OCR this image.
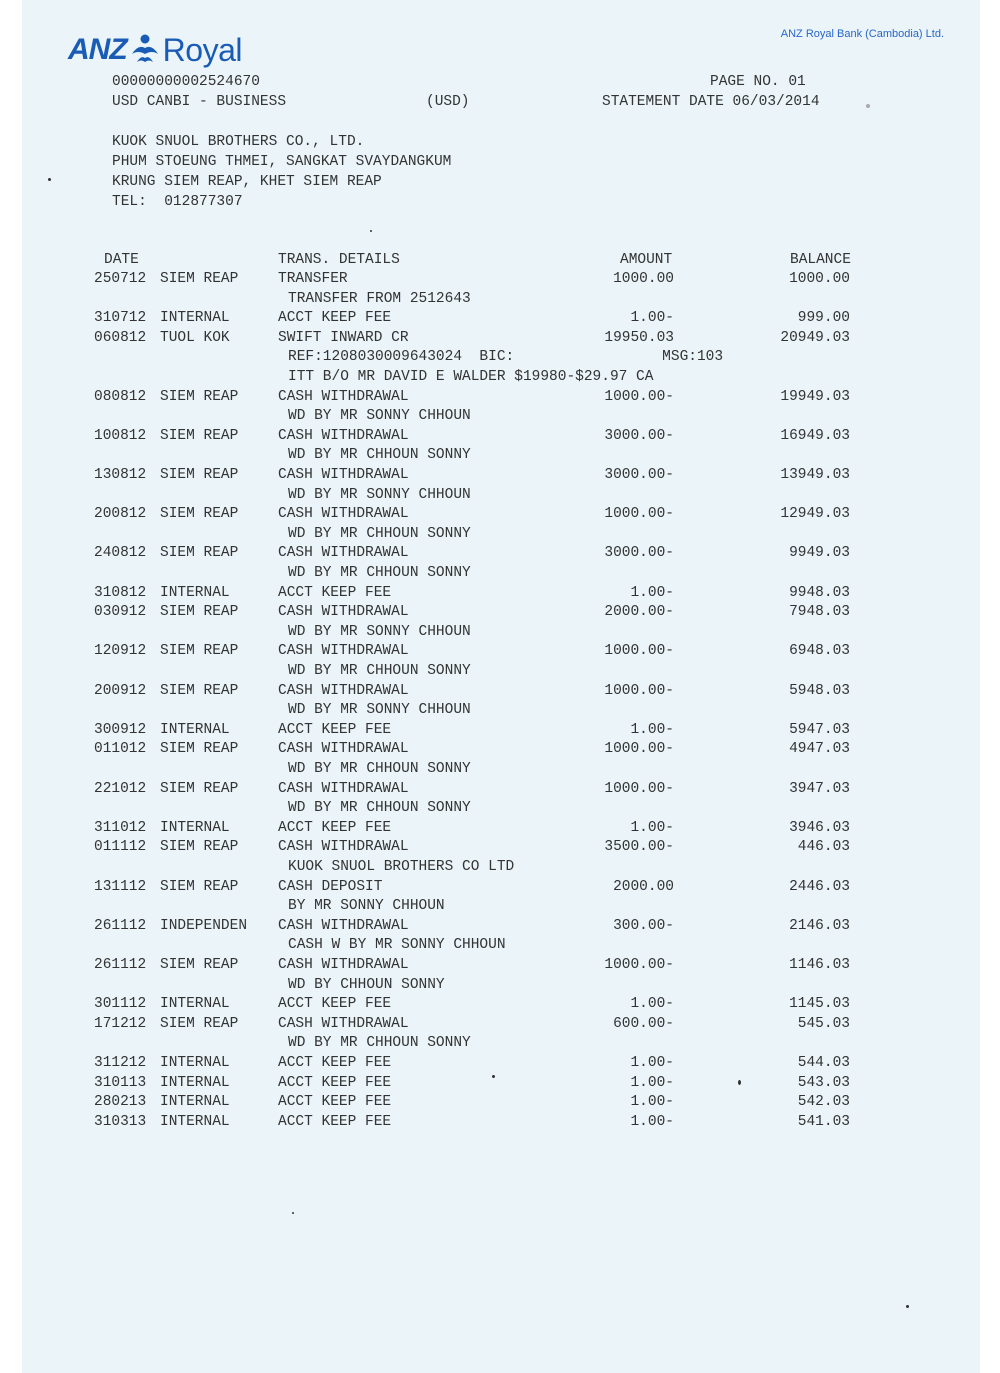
ANZ Royal	ANZ Royal Bank (Cambodia) Ltd.
00000000002524670
USD CANBI - BUSINESS	(USD)
PAGE NO. 01
STATEMENT DATE 06/03/2014
KUOK SNUOL BROTHERS CO., LTD.
PHUM STOEUNG THMEI, SANGKAT SVAYDANGKUM
KRUNG SIEM REAP, KHET SIEM REAP
TEL:  012877307
DATE	TRANS. DETAILS	AMOUNT	BALANCE
250712 SIEM REAP	TRANSFER	1000.00	1000.00
TRANSFER FROM 2512643
310712 INTERNAL	ACCT KEEP FEE	1.00-	999.00
060812 TUOL KOK	SWIFT INWARD CR	19950.03	20949.03
REF:1208030009643024  BIC:                 MSG:103
ITT B/O MR DAVID E WALDER $19980-$29.97 CA
080812 SIEM REAP	CASH WITHDRAWAL	1000.00-	19949.03
WD BY MR SONNY CHHOUN
100812 SIEM REAP	CASH WITHDRAWAL	3000.00-	16949.03
WD BY MR CHHOUN SONNY
130812 SIEM REAP	CASH WITHDRAWAL	3000.00-	13949.03
WD BY MR SONNY CHHOUN
200812 SIEM REAP	CASH WITHDRAWAL	1000.00-	12949.03
WD BY MR CHHOUN SONNY
240812 SIEM REAP	CASH WITHDRAWAL	3000.00-	9949.03
WD BY MR CHHOUN SONNY
310812 INTERNAL	ACCT KEEP FEE	1.00-	9948.03
030912 SIEM REAP	CASH WITHDRAWAL	2000.00-	7948.03
WD BY MR SONNY CHHOUN
120912 SIEM REAP	CASH WITHDRAWAL	1000.00-	6948.03
WD BY MR CHHOUN SONNY
200912 SIEM REAP	CASH WITHDRAWAL	1000.00-	5948.03
WD BY MR SONNY CHHOUN
300912 INTERNAL	ACCT KEEP FEE	1.00-	5947.03
011012 SIEM REAP	CASH WITHDRAWAL	1000.00-	4947.03
WD BY MR CHHOUN SONNY
221012 SIEM REAP	CASH WITHDRAWAL	1000.00-	3947.03
WD BY MR CHHOUN SONNY
311012 INTERNAL	ACCT KEEP FEE	1.00-	3946.03
011112 SIEM REAP	CASH WITHDRAWAL	3500.00-	446.03
KUOK SNUOL BROTHERS CO LTD
131112 SIEM REAP	CASH DEPOSIT	2000.00	2446.03
BY MR SONNY CHHOUN
261112 INDEPENDEN CASH WITHDRAWAL	300.00-	2146.03
CASH W BY MR SONNY CHHOUN
261112 SIEM REAP	CASH WITHDRAWAL	1000.00-	1146.03
WD BY CHHOUN SONNY
301112 INTERNAL	ACCT KEEP FEE	1.00-	1145.03
171212 SIEM REAP	CASH WITHDRAWAL	600.00-	545.03
WD BY MR CHHOUN SONNY
311212 INTERNAL	ACCT KEEP FEE	1.00-	544.03
310113 INTERNAL	ACCT KEEP FEE	1.00-	543.03
280213 INTERNAL	ACCT KEEP FEE	1.00-	542.03
310313 INTERNAL	ACCT KEEP FEE	1.00-	541.03
